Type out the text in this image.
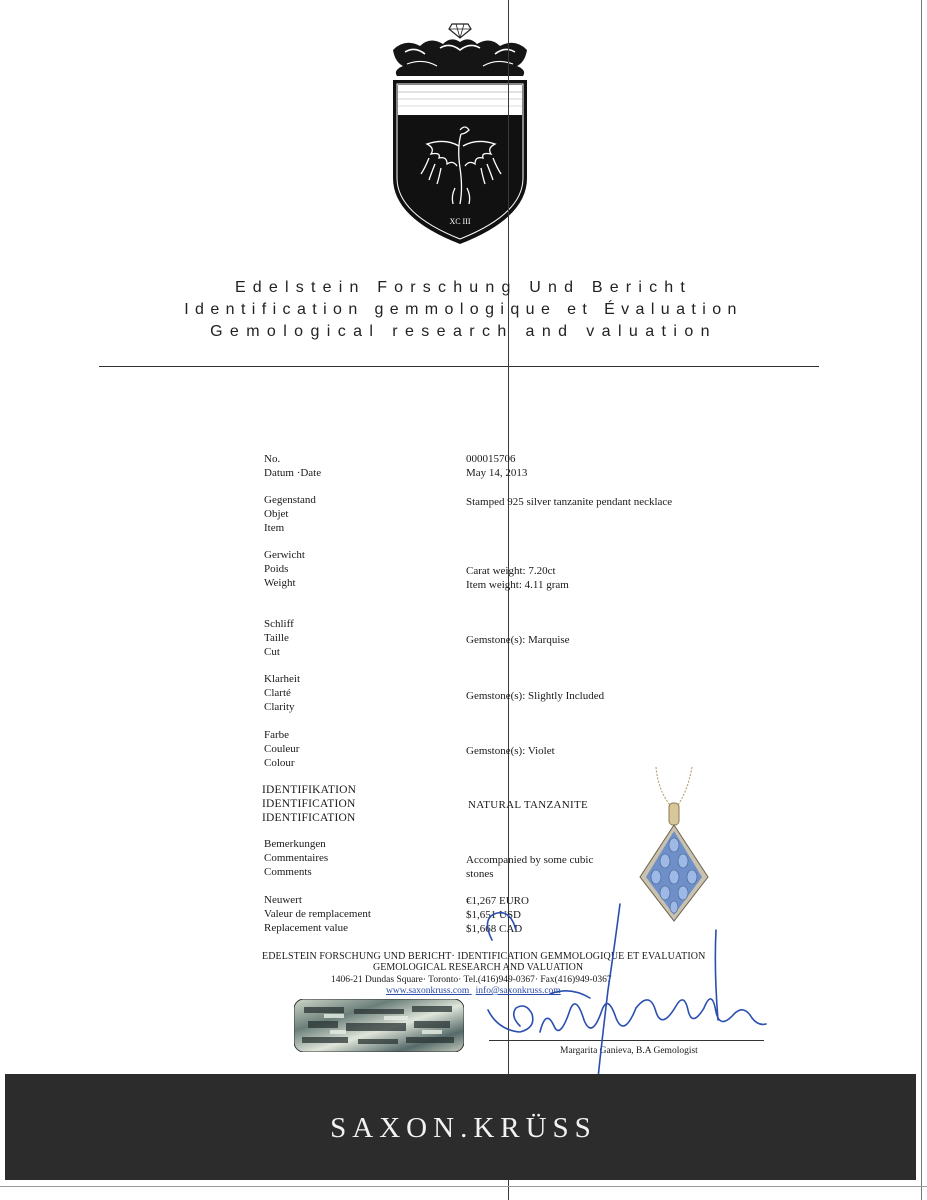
XC III
Edelstein Forschung Und Bericht
Identification gemmologique et Évaluation
Gemological research and valuation
No.
Datum ·Date
000015706
May 14, 2013
Gegenstand
Objet
Item
Stamped 925 silver tanzanite pendant necklace
Gerwicht
Poids
Weight
Carat weight: 7.20ct
Item weight: 4.11 gram
Schliff
Taille
Cut
Gemstone(s): Marquise
Klarheit
Clarté
Clarity
Gemstone(s): Slightly Included
Farbe
Couleur
Colour
Gemstone(s): Violet
IDENTIFIKATION
IDENTIFICATION
IDENTIFICATION
NATURAL TANZANITE
Bemerkungen
Commentaires
Comments
Accompanied by some cubic
stones
Neuwert
Valeur de remplacement
Replacement value
€1,267 EURO
$1,651 USD
$1,668 CAD
EDELSTEIN FORSCHUNG UND BERICHT· IDENTIFICATION GEMMOLOGIQUE ET EVALUATION
GEMOLOGICAL RESEARCH AND VALUATION
1406-21 Dundas Square· Toronto· Tel.(416)949-0367· Fax(416)949-0367
www.saxonkruss.com info@saxonkruss.com
Margarita Ganieva, B.A Gemologist
SAXON.KRÜSS
